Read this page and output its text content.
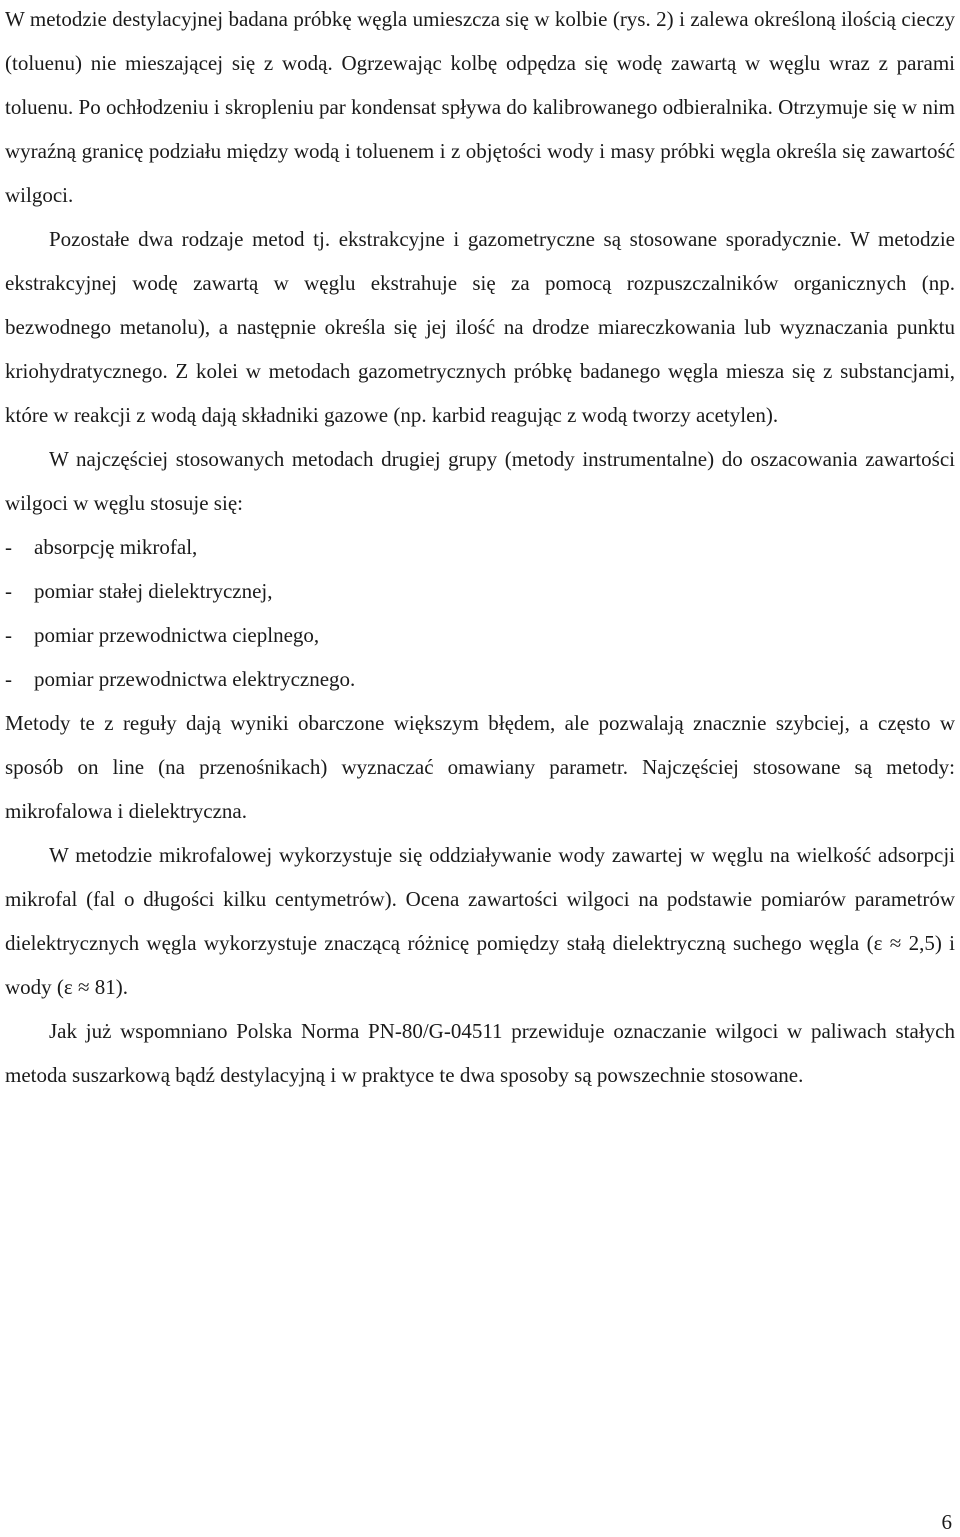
W metodzie destylacyjnej badana próbkę węgla umieszcza się w kolbie (rys. 2) i zalewa określoną ilością cieczy (toluenu) nie mieszającej się z wodą. Ogrzewając kolbę odpędza się wodę zawartą w węglu wraz z parami toluenu. Po ochłodzeniu i skropleniu par kondensat spływa do kalibrowanego odbieralnika. Otrzymuje się w nim wyraźną granicę podziału między wodą i toluenem i z objętości wody i masy próbki węgla określa się zawartość wilgoci.

Pozostałe dwa rodzaje metod tj. ekstrakcyjne i gazometryczne są stosowane sporadycznie. W metodzie ekstrakcyjnej wodę zawartą w węglu ekstrahuje się za pomocą rozpuszczalników organicznych (np. bezwodnego metanolu), a następnie określa się jej ilość na drodze miareczkowania lub wyznaczania punktu kriohydratycznego. Z kolei w metodach gazometrycznych próbkę badanego węgla miesza się z substancjami, które w reakcji z wodą dają składniki gazowe (np. karbid reagując z wodą tworzy acetylen).

W najczęściej stosowanych metodach drugiej grupy (metody instrumentalne) do oszacowania zawartości wilgoci w węglu stosuje się:

- absorpcję mikrofal,
- pomiar stałej dielektrycznej,
- pomiar przewodnictwa cieplnego,
- pomiar przewodnictwa elektrycznego.

Metody te z reguły dają wyniki obarczone większym błędem, ale pozwalają znacznie szybciej, a często w sposób on line (na przenośnikach) wyznaczać omawiany parametr. Najczęściej stosowane są metody: mikrofalowa i dielektryczna.

W metodzie mikrofalowej wykorzystuje się oddziaływanie wody zawartej w węglu na wielkość adsorpcji mikrofal (fal o długości kilku centymetrów). Ocena zawartości wilgoci na podstawie pomiarów parametrów dielektrycznych węgla wykorzystuje znaczącą różnicę pomiędzy stałą dielektryczną suchego węgla (ε ≈ 2,5) i wody (ε ≈ 81).

Jak już wspomniano Polska Norma PN-80/G-04511 przewiduje oznaczanie wilgoci w paliwach stałych metoda suszarkową bądź destylacyjną i w praktyce te dwa sposoby są powszechnie stosowane.

6
